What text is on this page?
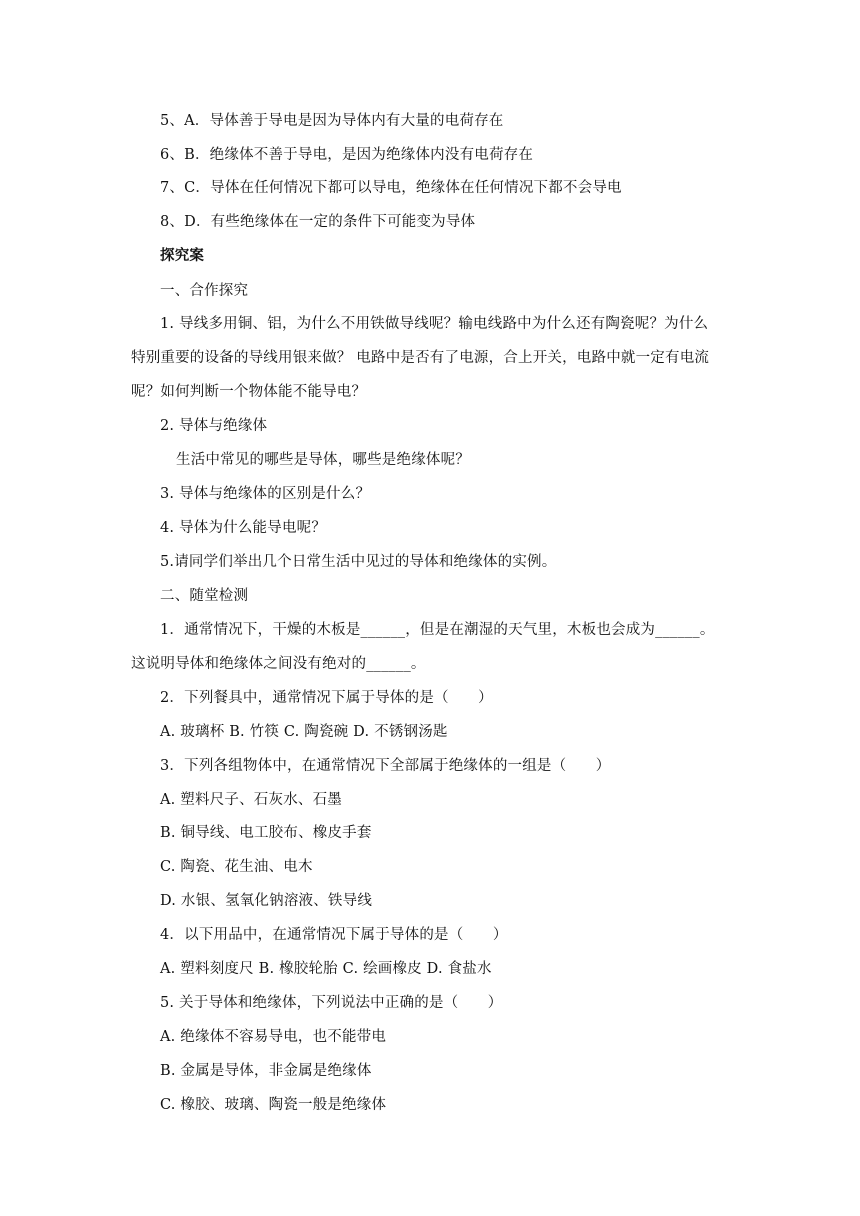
5、A．导体善于导电是因为导体内有大量的电荷存在
6、B．绝缘体不善于导电，是因为绝缘体内没有电荷存在
7、C．导体在任何情况下都可以导电，绝缘体在任何情况下都不会导电
8、D．有些绝缘体在一定的条件下可能变为导体
探究案
一、合作探究
1. 导线多用铜、铝，为什么不用铁做导线呢？输电线路中为什么还有陶瓷呢？为什么
特别重要的设备的导线用银来做？ 电路中是否有了电源，合上开关，电路中就一定有电流
呢？如何判断一个物体能不能导电？
2. 导体与绝缘体
生活中常见的哪些是导体，哪些是绝缘体呢？
3. 导体与绝缘体的区别是什么？
4. 导体为什么能导电呢？
5.请同学们举出几个日常生活中见过的导体和绝缘体的实例。
二、随堂检测
1．通常情况下，干燥的木板是______，但是在潮湿的天气里，木板也会成为______。
这说明导体和绝缘体之间没有绝对的______。
2．下列餐具中，通常情况下属于导体的是（　　）
A. 玻璃杯 B. 竹筷 C. 陶瓷碗 D. 不锈钢汤匙
3．下列各组物体中，在通常情况下全部属于绝缘体的一组是（　　）
A. 塑料尺子、石灰水、石墨
B. 铜导线、电工胶布、橡皮手套
C. 陶瓷、花生油、电木
D. 水银、氢氧化钠溶液、铁导线
4．以下用品中，在通常情况下属于导体的是（　　）
A. 塑料刻度尺 B. 橡胶轮胎 C. 绘画橡皮 D. 食盐水
5. 关于导体和绝缘体，下列说法中正确的是（　　）
A. 绝缘体不容易导电，也不能带电
B. 金属是导体，非金属是绝缘体
C. 橡胶、玻璃、陶瓷一般是绝缘体
